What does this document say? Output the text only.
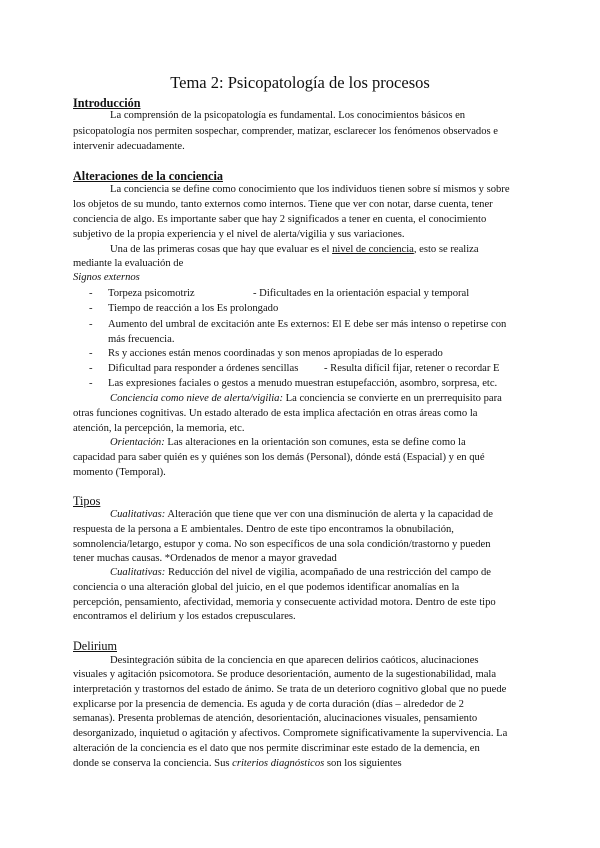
Tema 2: Psicopatología de los procesos
Introducción
La comprensión de la psicopatología es fundamental. Los conocimientos básicos en
psicopatología nos permiten sospechar, comprender, matizar, esclarecer los fenómenos observados e
intervenir adecuadamente.
Alteraciones de la conciencia
La conciencia se define como conocimiento que los individuos tienen sobre sí mismos y sobre
los objetos de su mundo, tanto externos como internos. Tiene que ver con notar, darse cuenta, tener
conciencia de algo. Es importante saber que hay 2 significados a tener en cuenta, el conocimiento
subjetivo de la propia experiencia y el nivel de alerta/vigilia y sus variaciones.
Una de las primeras cosas que hay que evaluar es el nivel de conciencia, esto se realiza
mediante la evaluación de
Signos externos
- Torpeza psicomotriz	- Dificultades en la orientación espacial y temporal
- Tiempo de reacción a los Es prolongado
- Aumento del umbral de excitación ante Es externos: El E debe ser más intenso o repetirse con
más frecuencia.
- Rs y acciones están menos coordinadas y son menos apropiadas de lo esperado
- Dificultad para responder a órdenes sencillas - Resulta difícil fijar, retener o recordar E
- Las expresiones faciales o gestos a menudo muestran estupefacción, asombro, sorpresa, etc.
Conciencia como nieve de alerta/vigilia: La conciencia se convierte en un prerrequisito para
otras funciones cognitivas. Un estado alterado de esta implica afectación en otras áreas como la
atención, la percepción, la memoria, etc.
Orientación: Las alteraciones en la orientación son comunes, esta se define como la
capacidad para saber quién es y quiénes son los demás (Personal), dónde está (Espacial) y en qué
momento (Temporal).
Tipos
Cualitativas: Alteración que tiene que ver con una disminución de alerta y la capacidad de
respuesta de la persona a E ambientales. Dentro de este tipo encontramos la obnubilación,
somnolencia/letargo, estupor y coma. No son específicos de una sola condición/trastorno y pueden
tener muchas causas. *Ordenados de menor a mayor gravedad
Cualitativas: Reducción del nivel de vigilia, acompañado de una restricción del campo de
conciencia o una alteración global del juicio, en el que podemos identificar anomalías en la
percepción, pensamiento, afectividad, memoria y consecuente actividad motora. Dentro de este tipo
encontramos el delirium y los estados crepusculares.
Delirium
Desintegración súbita de la conciencia en que aparecen delirios caóticos, alucinaciones
visuales y agitación psicomotora. Se produce desorientación, aumento de la sugestionabilidad, mala
interpretación y trastornos del estado de ánimo. Se trata de un deterioro cognitivo global que no puede
explicarse por la presencia de demencia. Es aguda y de corta duración (días – alrededor de 2
semanas). Presenta problemas de atención, desorientación, alucinaciones visuales, pensamiento
desorganizado, inquietud o agitación y afectivos. Compromete significativamente la supervivencia. La
alteración de la conciencia es el dato que nos permite discriminar este estado de la demencia, en
donde se conserva la conciencia. Sus criterios diagnósticos son los siguientes
